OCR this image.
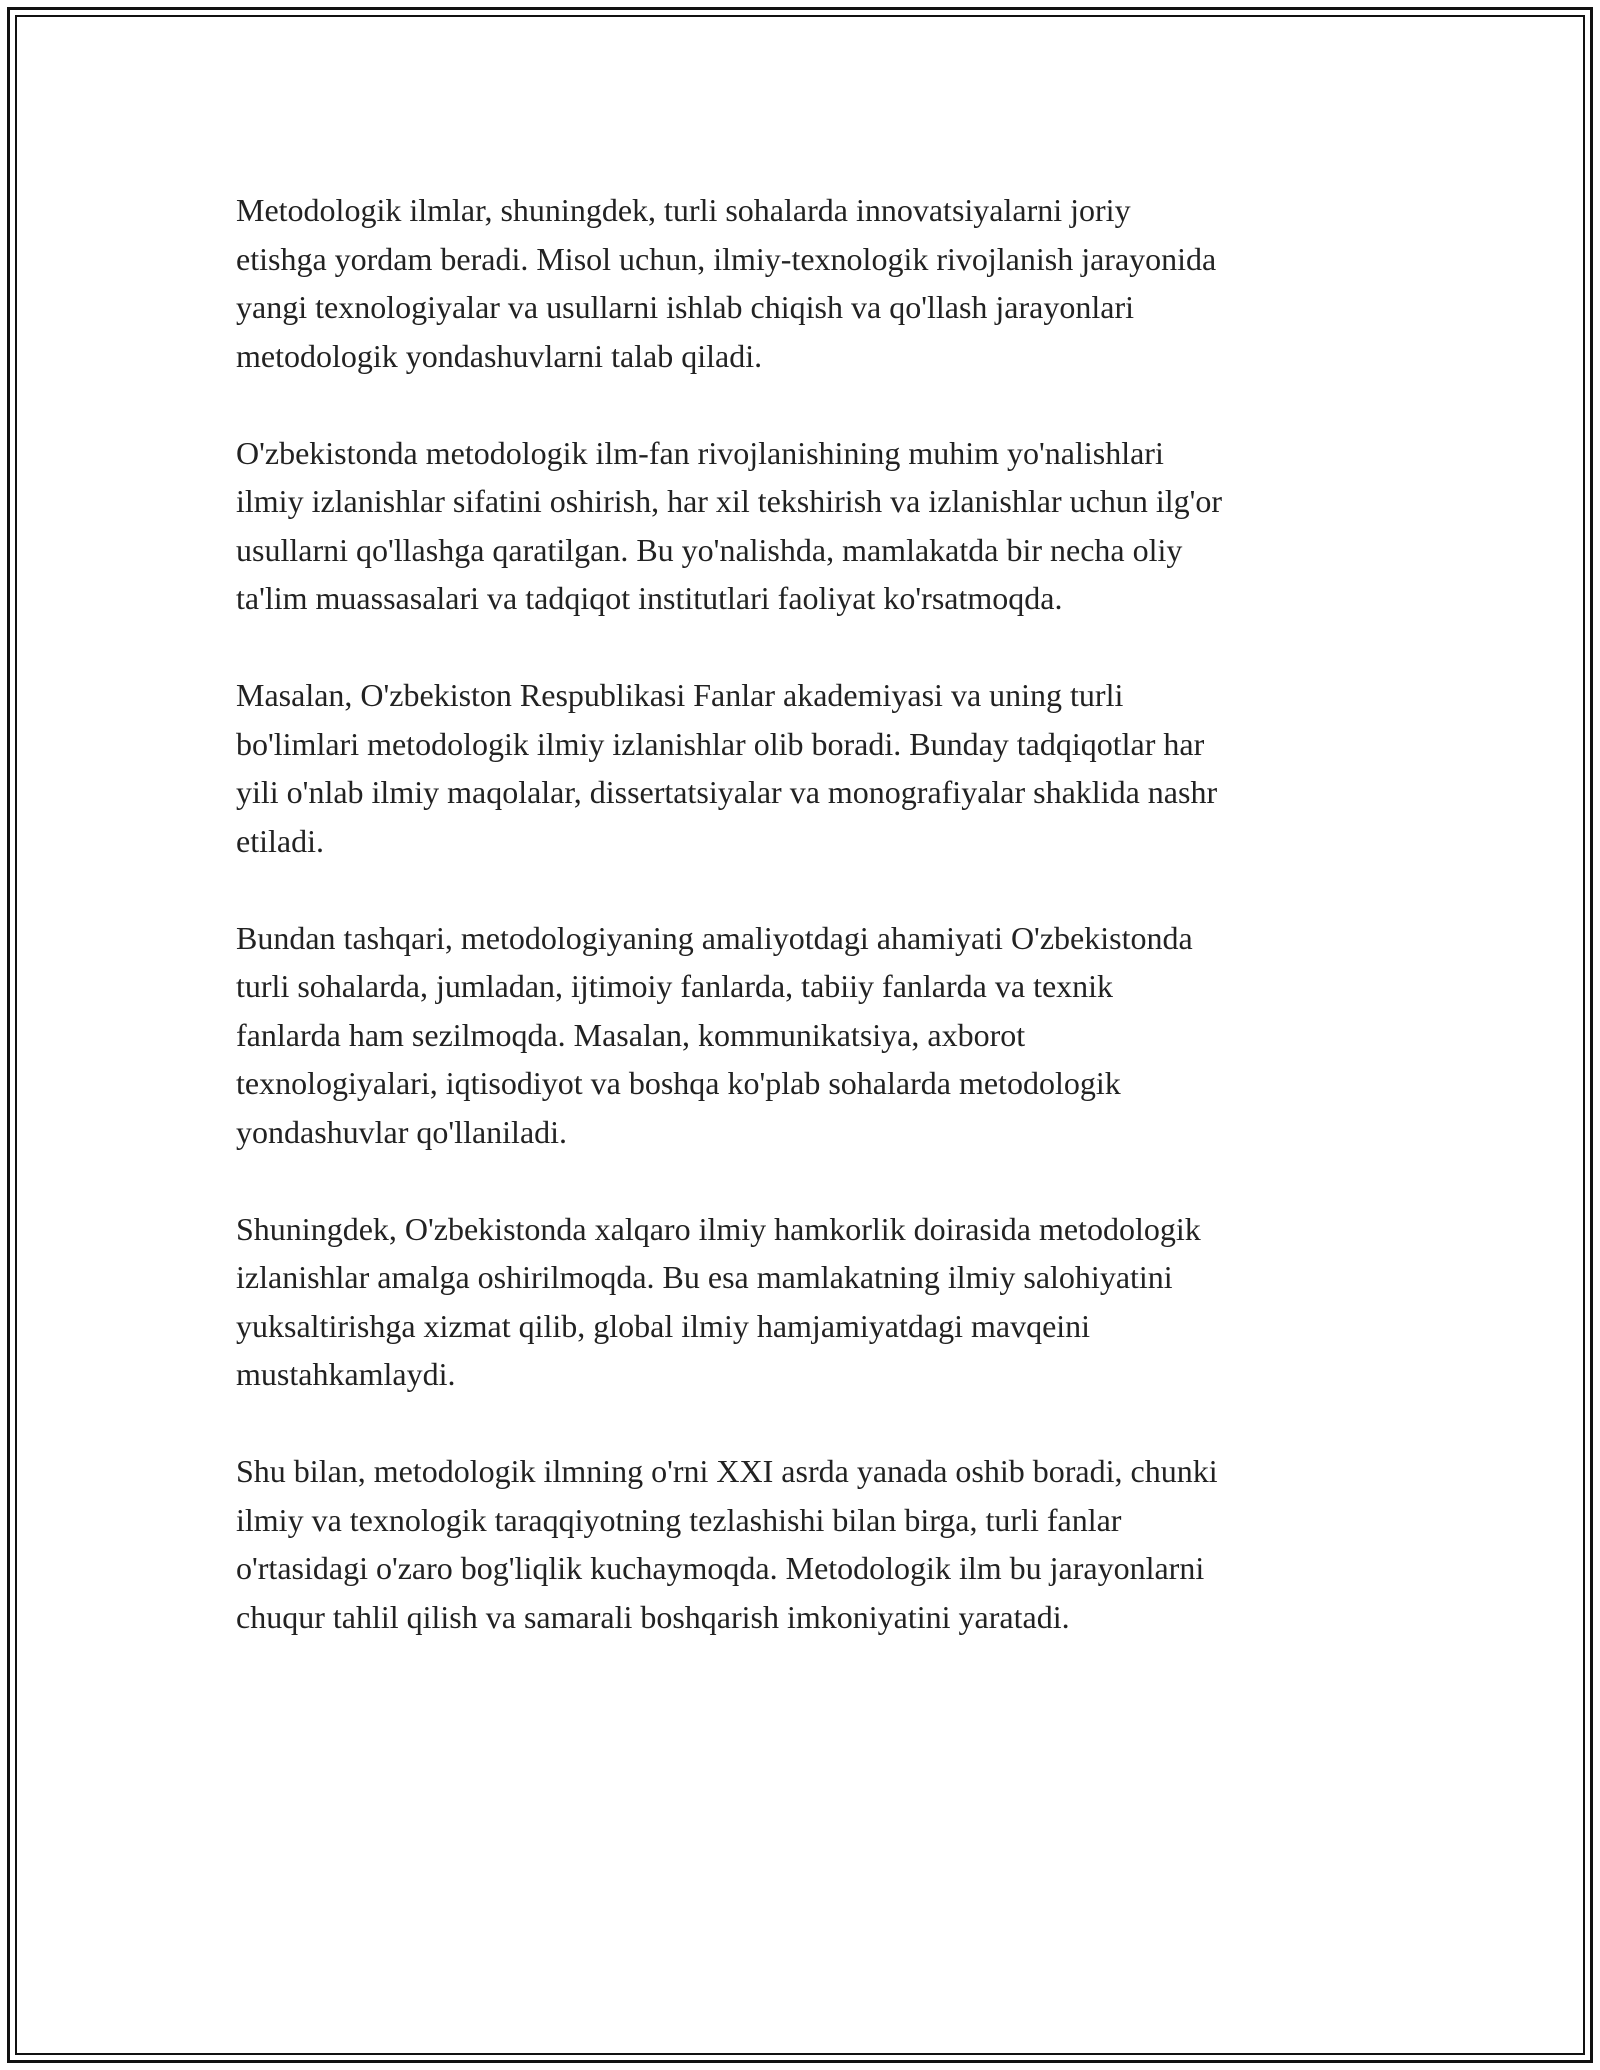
Metodologik ilmlar, shuningdek, turli sohalarda innovatsiyalarni joriy
etishga yordam beradi. Misol uchun, ilmiy-texnologik rivojlanish jarayonida
yangi texnologiyalar va usullarni ishlab chiqish va qo'llash jarayonlari
metodologik yondashuvlarni talab qiladi.

O'zbekistonda metodologik ilm-fan rivojlanishining muhim yo'nalishlari
ilmiy izlanishlar sifatini oshirish, har xil tekshirish va izlanishlar uchun ilg'or
usullarni qo'llashga qaratilgan. Bu yo'nalishda, mamlakatda bir necha oliy
ta'lim muassasalari va tadqiqot institutlari faoliyat ko'rsatmoqda.

Masalan, O'zbekiston Respublikasi Fanlar akademiyasi va uning turli
bo'limlari metodologik ilmiy izlanishlar olib boradi. Bunday tadqiqotlar har
yili o'nlab ilmiy maqolalar, dissertatsiyalar va monografiyalar shaklida nashr
etiladi.

Bundan tashqari, metodologiyaning amaliyotdagi ahamiyati O'zbekistonda
turli sohalarda, jumladan, ijtimoiy fanlarda, tabiiy fanlarda va texnik
fanlarda ham sezilmoqda. Masalan, kommunikatsiya, axborot
texnologiyalari, iqtisodiyot va boshqa ko'plab sohalarda metodologik
yondashuvlar qo'llaniladi.

Shuningdek, O'zbekistonda xalqaro ilmiy hamkorlik doirasida metodologik
izlanishlar amalga oshirilmoqda. Bu esa mamlakatning ilmiy salohiyatini
yuksaltirishga xizmat qilib, global ilmiy hamjamiyatdagi mavqeini
mustahkamlaydi.

Shu bilan, metodologik ilmning o'rni XXI asrda yanada oshib boradi, chunki
ilmiy va texnologik taraqqiyotning tezlashishi bilan birga, turli fanlar
o'rtasidagi o'zaro bog'liqlik kuchaymoqda. Metodologik ilm bu jarayonlarni
chuqur tahlil qilish va samarali boshqarish imkoniyatini yaratadi.
